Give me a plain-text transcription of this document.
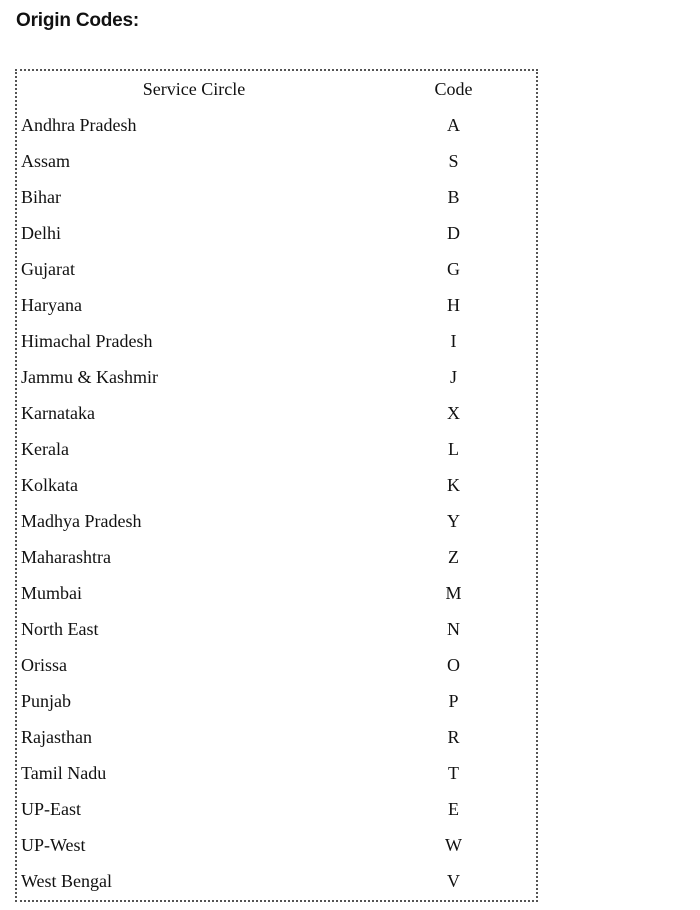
Origin Codes:
Service Circle	Code
Andhra Pradesh	A
Assam	S
Bihar	B
Delhi	D
Gujarat	G
Haryana	H
Himachal Pradesh	I
Jammu & Kashmir	J
Karnataka	X
Kerala	L
Kolkata	K
Madhya Pradesh	Y
Maharashtra	Z
Mumbai	M
North East	N
Orissa	O
Punjab	P
Rajasthan	R
Tamil Nadu	T
UP-East	E
UP-West	W
West Bengal	V
